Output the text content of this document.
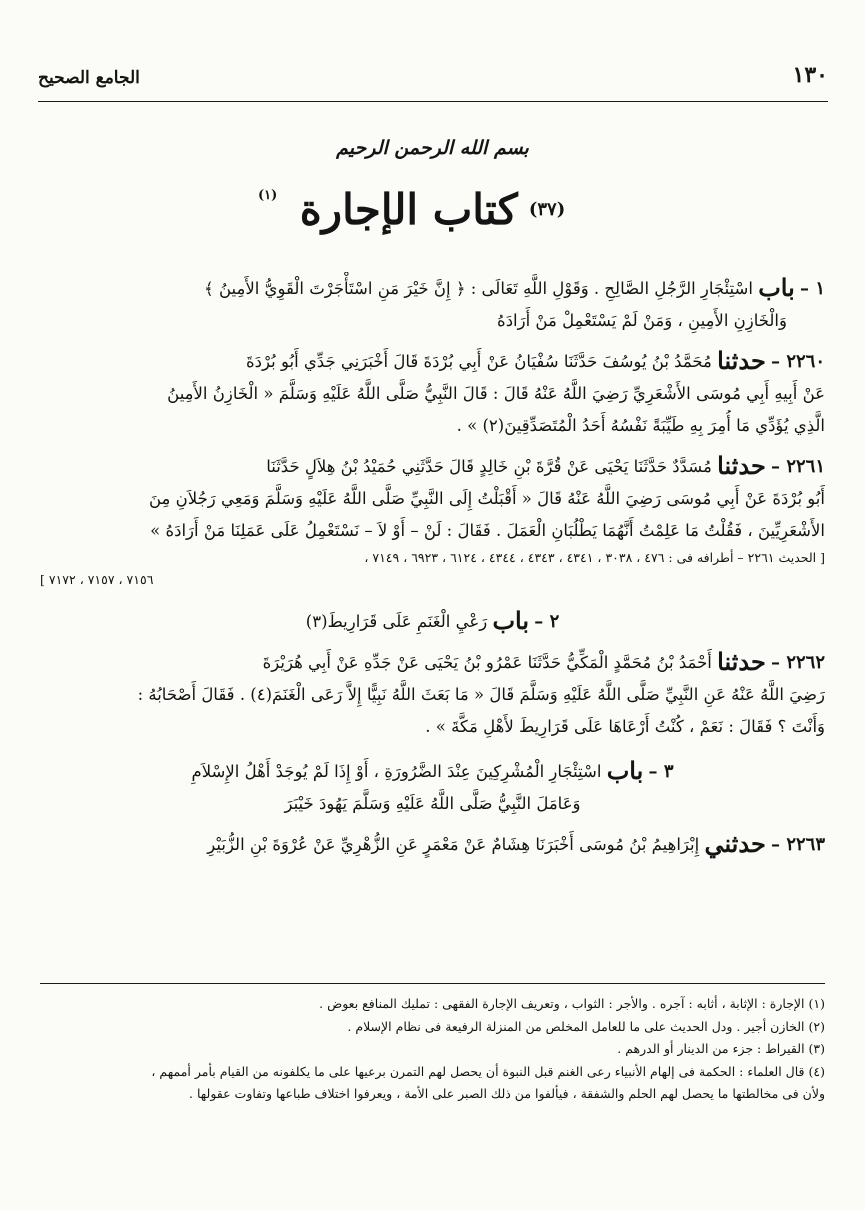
١٣٠
الجامع الصحيح
بسم الله الرحمن الرحيم
(١)
(٣٧) كتاب الإجارة
١ – باب اسْتِئْجَارِ الرَّجُلِ الصَّالِحِ . وَقَوْلِ اللَّهِ تَعَالَى : ﴿ إِنَّ خَيْرَ مَنِ اسْتَأْجَرْتَ الْقَوِيُّ الأَمِينُ ﴾
وَالْخَازِنِ الأَمِينِ ، وَمَنْ لَمْ يَسْتَعْمِلْ مَنْ أَرَادَهُ
٢٢٦٠ – حدثنا مُحَمَّدُ بْنُ يُوسُفَ حَدَّثَنَا سُفْيَانُ عَنْ أَبِي بُرْدَةَ قَالَ أَخْبَرَنِي جَدِّي أَبُو بُرْدَةَ
عَنْ أَبِيهِ أَبِي مُوسَى الأَشْعَرِيِّ رَضِيَ اللَّهُ عَنْهُ قَالَ : قَالَ النَّبِيُّ صَلَّى اللَّهُ عَلَيْهِ وَسَلَّمَ « الْخَازِنُ الأَمِينُ
الَّذِي يُؤَدِّي مَا أُمِرَ بِهِ طَيِّبَةً نَفْسُهُ أَحَدُ الْمُتَصَدِّقِينَ(٢) » .
٢٢٦١ – حدثنا مُسَدَّدٌ حَدَّثَنَا يَحْيَى عَنْ قُرَّةَ بْنِ خَالِدٍ قَالَ حَدَّثَنِي حُمَيْدُ بْنُ هِلاَلٍ حَدَّثَنَا
أَبُو بُرْدَةَ عَنْ أَبِي مُوسَى رَضِيَ اللَّهُ عَنْهُ قَالَ « أَقْبَلْتُ إِلَى النَّبِيِّ صَلَّى اللَّهُ عَلَيْهِ وَسَلَّمَ وَمَعِي رَجُلاَنِ مِنَ
الأَشْعَرِيِّينَ ، فَقُلْتُ مَا عَلِمْتُ أَنَّهُمَا يَطْلُبَانِ الْعَمَلَ . فَقَالَ : لَنْ – أَوْ لاَ – نَسْتَعْمِلُ عَلَى عَمَلِنَا مَنْ أَرَادَهُ »
[ الحديث ٢٢٦١ – أطرافه فى : ٤٧٦ ، ٣٠٣٨ ، ٤٣٤١ ، ٤٣٤٣ ، ٤٣٤٤ ، ٦١٢٤ ، ٦٩٢٣ ، ٧١٤٩ ،
٧١٥٦ ، ٧١٥٧ ، ٧١٧٢ ]
٢ – باب رَعْيِ الْغَنَمِ عَلَى قَرَارِيطَ(٣)
٢٢٦٢ – حدثنا أَحْمَدُ بْنُ مُحَمَّدٍ الْمَكِّيُّ حَدَّثَنَا عَمْرُو بْنُ يَحْيَى عَنْ جَدِّهِ عَنْ أَبِي هُرَيْرَةَ
رَضِيَ اللَّهُ عَنْهُ عَنِ النَّبِيِّ صَلَّى اللَّهُ عَلَيْهِ وَسَلَّمَ قَالَ « مَا بَعَثَ اللَّهُ نَبِيًّا إِلاَّ رَعَى الْغَنَمَ(٤) . فَقَالَ أَصْحَابُهُ :
وَأَنْتَ ؟ فَقَالَ : نَعَمْ ، كُنْتُ أَرْعَاهَا عَلَى قَرَارِيطَ لأَهْلِ مَكَّةَ » .
٣ – باب اسْتِئْجَارِ الْمُشْرِكِينَ عِنْدَ الضَّرُورَةِ ، أَوْ إِذَا لَمْ يُوجَدْ أَهْلُ الإِسْلاَمِ
وَعَامَلَ النَّبِيُّ صَلَّى اللَّهُ عَلَيْهِ وَسَلَّمَ يَهُودَ خَيْبَرَ
٢٢٦٣ – حدثني إِبْرَاهِيمُ بْنُ مُوسَى أَخْبَرَنَا هِشَامٌ عَنْ مَعْمَرٍ عَنِ الزُّهْرِيِّ عَنْ عُرْوَةَ بْنِ الزُّبَيْرِ
(١) الإجارة : الإثابة ، أثابه : آجره . والأجر : الثواب ، وتعريف الإجارة الفقهى : تمليك المنافع بعوض .
(٢) الخازن أجير . ودل الحديث على ما للعامل المخلص من المنزلة الرفيعة فى نظام الإسلام .
(٣) القيراط : جزء من الدينار أو الدرهم .
(٤) قال العلماء : الحكمة فى إلهام الأنبياء رعى الغنم قبل النبوة أن يحصل لهم التمرن برعيها على ما يكلفونه من القيام بأمر أممهم ،
ولأن فى مخالطتها ما يحصل لهم الحلم والشفقة ، فيألفوا من ذلك الصبر على الأمة ، ويعرفوا اختلاف طباعها وتفاوت عقولها .
